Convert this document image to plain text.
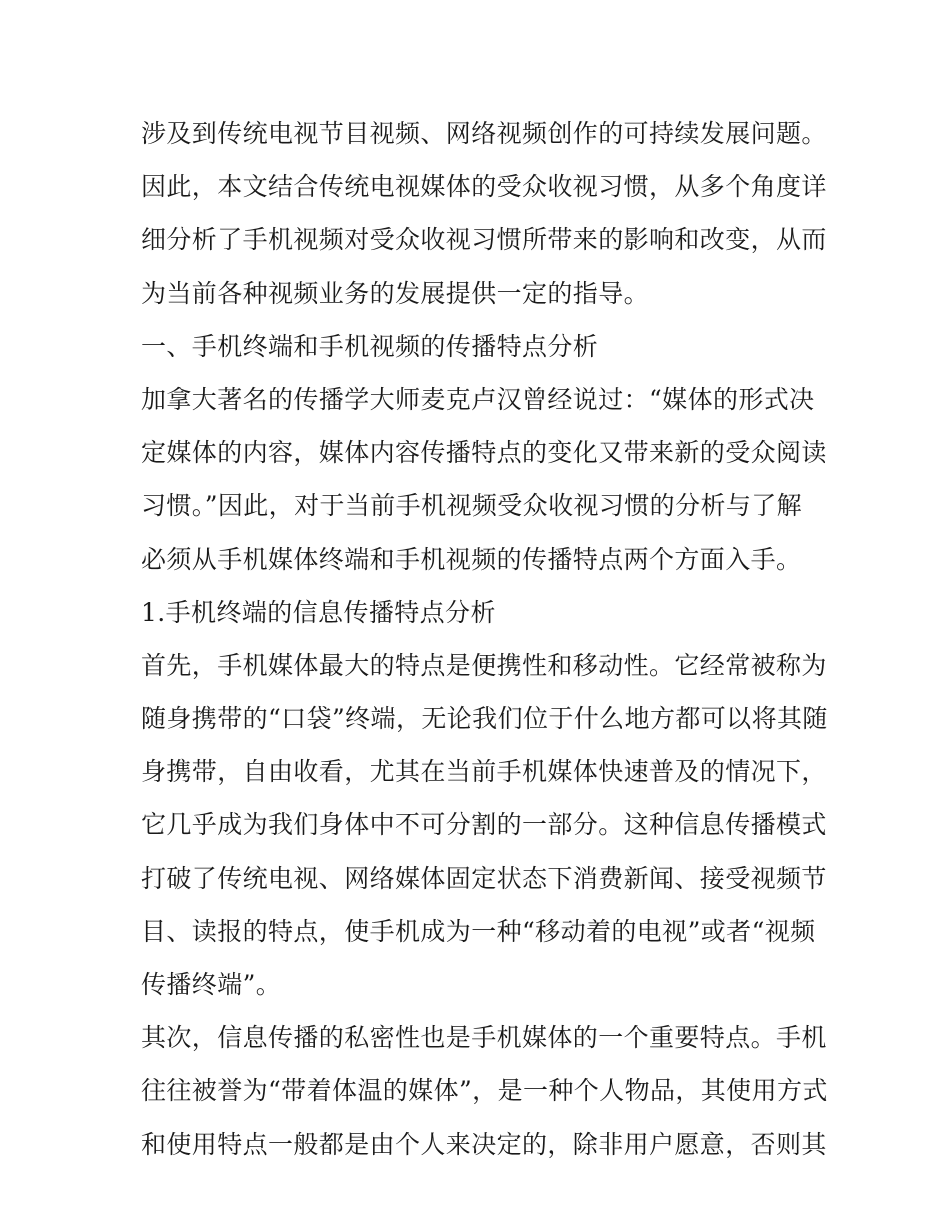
涉及到传统电视节目视频、网络视频创作的可持续发展问题。
因此，本文结合传统电视媒体的受众收视习惯，从多个角度详
细分析了手机视频对受众收视习惯所带来的影响和改变，从而
为当前各种视频业务的发展提供一定的指导。
一、手机终端和手机视频的传播特点分析
加拿大著名的传播学大师麦克卢汉曾经说过：“媒体的形式决
定媒体的内容，媒体内容传播特点的变化又带来新的受众阅读
习惯。”因此，对于当前手机视频受众收视习惯的分析与了解
必须从手机媒体终端和手机视频的传播特点两个方面入手。
1.手机终端的信息传播特点分析
首先，手机媒体最大的特点是便携性和移动性。它经常被称为
随身携带的“口袋”终端，无论我们位于什么地方都可以将其随
身携带，自由收看，尤其在当前手机媒体快速普及的情况下，
它几乎成为我们身体中不可分割的一部分。这种信息传播模式
打破了传统电视、网络媒体固定状态下消费新闻、接受视频节
目、读报的特点，使手机成为一种“移动着的电视”或者“视频
传播终端”。
其次，信息传播的私密性也是手机媒体的一个重要特点。手机
往往被誉为“带着体温的媒体”，是一种个人物品，其使用方式
和使用特点一般都是由个人来决定的，除非用户愿意，否则其
